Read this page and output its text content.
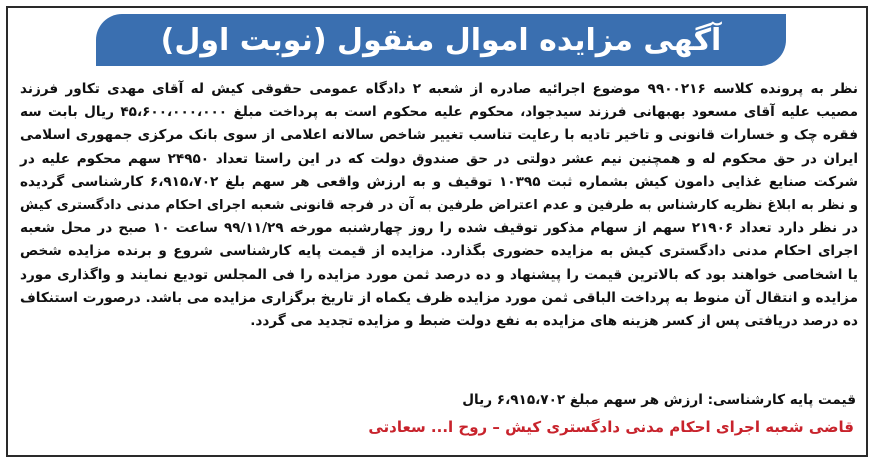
آگهی مزایده اموال منقول (نوبت اول)
نظر به پرونده کلاسه ۹۹۰۰۲۱۶ موضوع اجرائیه صادره از شعبه ۲ دادگاه عمومی حقوقی کیش له آقای مهدی تکاور فرزند
مصیب علیه آقای مسعود بهبهانی فرزند سیدجواد، محکوم علیه محکوم است به پرداخت مبلغ ۴۵،۶۰۰،۰۰۰،۰۰۰ ریال بابت سه
فقره چک و خسارات قانونی و تاخیر تادیه با رعایت تناسب تغییر شاخص سالانه اعلامی از سوی بانک مرکزی جمهوری اسلامی
ایران در حق محکوم له و همچنین نیم عشر دولتی در حق صندوق دولت که در این راستا تعداد ۲۴۹۵۰ سهم محکوم علیه در
شرکت صنایع غذایی دامون کیش بشماره ثبت ۱۰۳۹۵ توقیف و به ارزش واقعی هر سهم بلغ ۶،۹۱۵،۷۰۲ کارشناسی گردیده
و نظر به ابلاغ نظریه کارشناس به طرفین و عدم اعتراض طرفین به آن در فرجه قانونی شعبه اجرای احکام مدنی دادگستری کیش
در نظر دارد تعداد ۲۱۹۰۶ سهم از سهام مذکور توقیف شده را روز چهارشنبه مورخه ۹۹/۱۱/۲۹ ساعت ۱۰ صبح در محل شعبه
اجرای احکام مدنی دادگستری کیش به مزایده حضوری بگذارد. مزایده از قیمت پایه کارشناسی شروع و برنده مزایده شخص
یا اشخاصی خواهند بود که بالاترین قیمت را پیشنهاد و ده درصد ثمن مورد مزایده را فی المجلس تودیع نمایند و واگذاری مورد
مزایده و انتقال آن منوط به پرداخت الباقی ثمن مورد مزایده ظرف یکماه از تاریخ برگزاری مزایده می باشد. درصورت استنکاف
ده درصد دریافتی پس از کسر هزینه های مزایده به نفع دولت ضبط و مزایده تجدید می گردد.
قیمت پایه کارشناسی: ارزش هر سهم مبلغ ۶،۹۱۵،۷۰۲ ریال
قاضی شعبه اجرای احکام مدنی دادگستری کیش – روح ا... سعادتی
